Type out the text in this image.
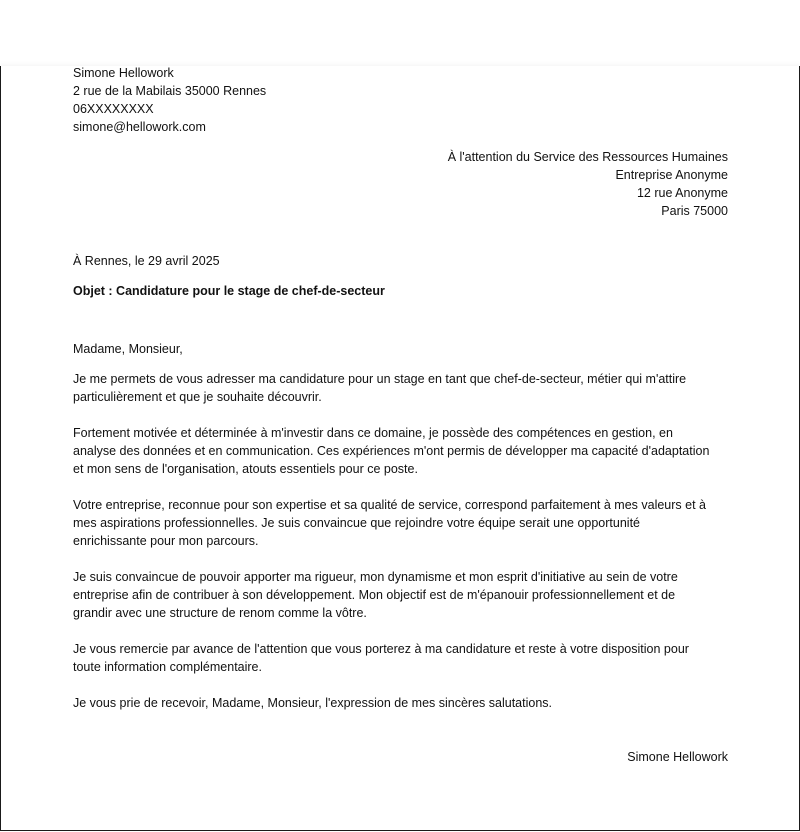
Simone Hellowork
2 rue de la Mabilais 35000 Rennes
06XXXXXXXX
simone@hellowork.com
À l'attention du Service des Ressources Humaines
Entreprise Anonyme
12 rue Anonyme
Paris 75000
À Rennes, le 29 avril 2025
Objet : Candidature pour le stage de chef-de-secteur
Madame, Monsieur,
Je me permets de vous adresser ma candidature pour un stage en tant que chef-de-secteur, métier qui m'attire
particulièrement et que je souhaite découvrir.
Fortement motivée et déterminée à m'investir dans ce domaine, je possède des compétences en gestion, en
analyse des données et en communication. Ces expériences m'ont permis de développer ma capacité d'adaptation
et mon sens de l'organisation, atouts essentiels pour ce poste.
Votre entreprise, reconnue pour son expertise et sa qualité de service, correspond parfaitement à mes valeurs et à
mes aspirations professionnelles. Je suis convaincue que rejoindre votre équipe serait une opportunité
enrichissante pour mon parcours.
Je suis convaincue de pouvoir apporter ma rigueur, mon dynamisme et mon esprit d'initiative au sein de votre
entreprise afin de contribuer à son développement. Mon objectif est de m'épanouir professionnellement et de
grandir avec une structure de renom comme la vôtre.
Je vous remercie par avance de l'attention que vous porterez à ma candidature et reste à votre disposition pour
toute information complémentaire.
Je vous prie de recevoir, Madame, Monsieur, l'expression de mes sincères salutations.
Simone Hellowork
